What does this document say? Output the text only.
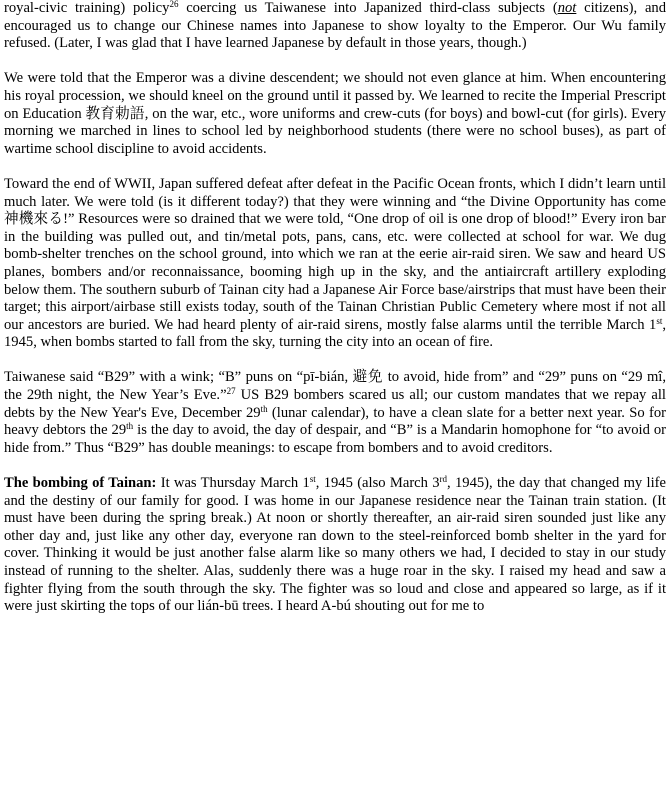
royal-civic training) policy$^{26}$ coercing us Taiwanese into Japanized third-class subjects (not citizens), and encouraged us to change our Chinese names into Japanese to show loyalty to the Emperor. Our Wu family refused. (Later, I was glad that I have learned Japanese by default in those years, though.)

We were told that the Emperor was a divine descendent; we should not even glance at him. When encountering his royal procession, we should kneel on the ground until it passed by. We learned to recite the Imperial Prescript on Education 教育勅語, on the war, etc., wore uniforms and crew-cuts (for boys) and bowl-cut (for girls). Every morning we marched in lines to school led by neighborhood students (there were no school buses), as part of wartime school discipline to avoid accidents.

Toward the end of WWII, Japan suffered defeat after defeat in the Pacific Ocean fronts, which I didn’t learn until much later. We were told (is it different today?) that they were winning and “the Divine Opportunity has come 神機來る!” Resources were so drained that we were told, “One drop of oil is one drop of blood!” Every iron bar in the building was pulled out, and tin/metal pots, pans, cans, etc. were collected at school for war. We dug bomb-shelter trenches on the school ground, into which we ran at the eerie air-raid siren. We saw and heard US planes, bombers and/or reconnaissance, booming high up in the sky, and the antiaircraft artillery exploding below them. The southern suburb of Tainan city had a Japanese Air Force base/airstrips that must have been their target; this airport/airbase still exists today, south of the Tainan Christian Public Cemetery where most if not all our ancestors are buried. We had heard plenty of air-raid sirens, mostly false alarms until the terrible March 1st, 1945, when bombs started to fall from the sky, turning the city into an ocean of fire.

Taiwanese said “B29” with a wink; “B” puns on “pī-bián, 避免 to avoid, hide from” and “29” puns on “29 mî, the 29th night, the New Year’s Eve.”$^{27}$ US B29 bombers scared us all; our custom mandates that we repay all debts by the New Year's Eve, December 29th (lunar calendar), to have a clean slate for a better next year. So for heavy debtors the 29th is the day to avoid, the day of despair, and “B” is a Mandarin homophone for “to avoid or hide from.” Thus “B29” has double meanings: to escape from bombers and to avoid creditors.

The bombing of Tainan: It was Thursday March 1st, 1945 (also March 3rd, 1945), the day that changed my life and the destiny of our family for good. I was home in our Japanese residence near the Tainan train station. (It must have been during the spring break.) At noon or shortly thereafter, an air-raid siren sounded just like any other day and, just like any other day, everyone ran down to the steel-reinforced bomb shelter in the yard for cover. Thinking it would be just another false alarm like so many others we had, I decided to stay in our study instead of running to the shelter. Alas, suddenly there was a huge roar in the sky. I raised my head and saw a fighter flying from the south through the sky. The fighter was so loud and close and appeared so large, as if it were just skirting the tops of our lián-bū trees. I heard A-bú shouting out for me to
